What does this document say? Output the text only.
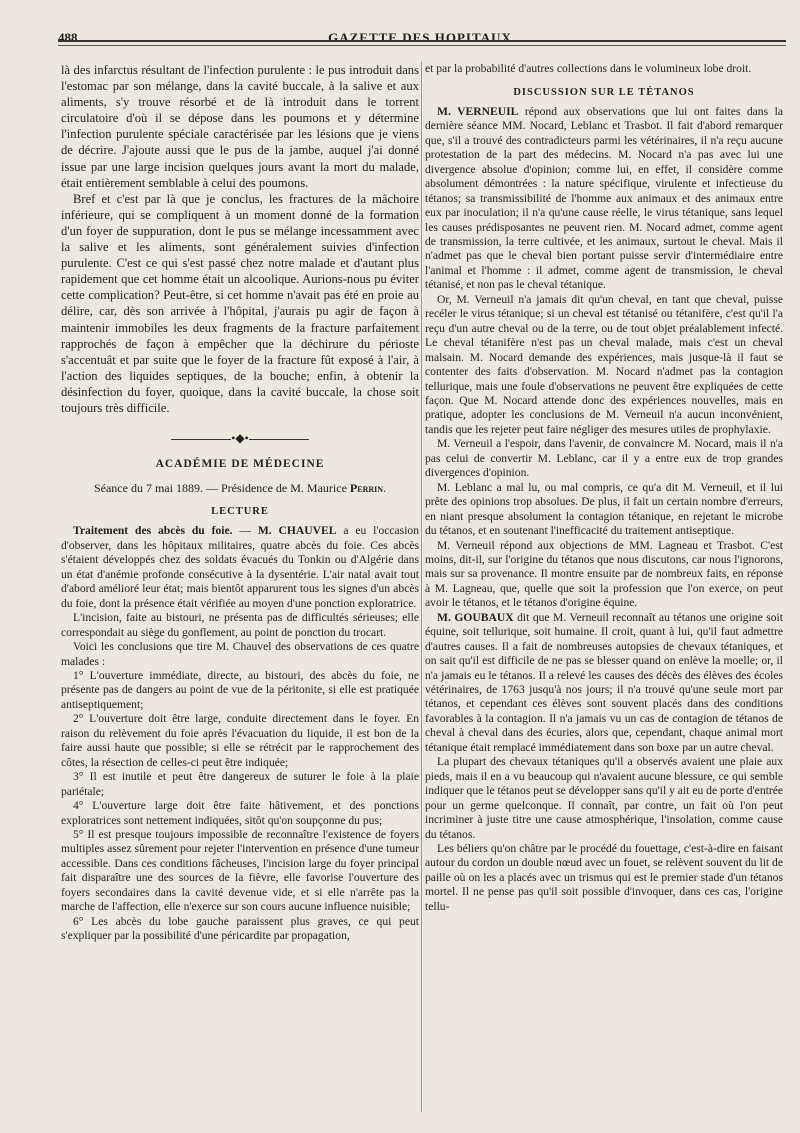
488	GAZETTE DES HOPITAUX

là des infarctus résultant de l'infection purulente : le pus introduit dans l'estomac par son mélange, dans la cavité buccale, à la salive et aux aliments, s'y trouve résorbé et de là introduit dans le torrent circulatoire d'où il se dépose dans les poumons et y détermine l'infection purulente spéciale caractérisée par les lésions que je viens de décrire. J'ajoute aussi que le pus de la jambe, auquel j'ai donné issue par une large incision quelques jours avant la mort du malade, était entièrement semblable à celui des poumons.

Bref et c'est par là que je conclus, les fractures de la mâchoire inférieure, qui se compliquent à un moment donné de la formation d'un foyer de suppuration, dont le pus se mélange incessamment avec la salive et les aliments, sont généralement suivies d'infection purulente. C'est ce qui s'est passé chez notre malade et d'autant plus rapidement que cet homme était un alcoolique. Aurions-nous pu éviter cette complication? Peut-être, si cet homme n'avait pas été en proie au délire, car, dès son arrivée à l'hôpital, j'aurais pu agir de façon à maintenir immobiles les deux fragments de la fracture parfaitement rapprochés de façon à empêcher que la déchirure du périoste s'accentuât et par suite que le foyer de la fracture fût exposé à l'air, à l'action des liquides septiques, de la bouche; enfin, à obtenir la désinfection du foyer, quoique, dans la cavité buccale, la chose soit toujours très difficile.

•◆•
ACADÉMIE DE MÉDECINE
Séance du 7 mai 1889. — Présidence de M. Maurice Perrin.
LECTURE

Traitement des abcès du foie. — M. CHAUVEL a eu l'occasion d'observer, dans les hôpitaux militaires, quatre abcès du foie. Ces abcès s'étaient développés chez des soldats évacués du Tonkin ou d'Algérie dans un état d'anémie profonde consécutive à la dysentérie. L'air natal avait tout d'abord amélioré leur état; mais bientôt apparurent tous les signes d'un abcès du foie, dont la présence était vérifiée au moyen d'une ponction exploratrice.

L'incision, faite au bistouri, ne présenta pas de difficultés sérieuses; elle correspondait au siège du gonflement, au point de ponction du trocart.

Voici les conclusions que tire M. Chauvel des observations de ces quatre malades :

1° L'ouverture immédiate, directe, au bistouri, des abcès du foie, ne présente pas de dangers au point de vue de la péritonite, si elle est pratiquée antiseptiquement;

2° L'ouverture doit être large, conduite directement dans le foyer. En raison du relèvement du foie après l'évacuation du liquide, il est bon de la faire aussi haute que possible; si elle se rétrécit par le rapprochement des côtes, la résection de celles-ci peut être indiquée;

3° Il est inutile et peut être dangereux de suturer le foie à la plaie pariétale;

4° L'ouverture large doit être faite hâtivement, et des ponctions exploratrices sont nettement indiquées, sitôt qu'on soupçonne du pus;

5° Il est presque toujours impossible de reconnaître l'existence de foyers multiples assez sûrement pour rejeter l'intervention en présence d'une tumeur accessible. Dans ces conditions fâcheuses, l'incision large du foyer principal fait disparaître une des sources de la fièvre, elle favorise l'ouverture des foyers secondaires dans la cavité devenue vide, et si elle n'arrête pas la marche de l'affection, elle n'exerce sur son cours aucune influence nuisible;

6° Les abcès du lobe gauche paraissent plus graves, ce qui peut s'expliquer par la possibilité d'une péricardite par propagation,

et par la probabilité d'autres collections dans le volumineux lobe droit.

DISCUSSION SUR LE TÉTANOS

M. VERNEUIL répond aux observations que lui ont faites dans la dernière séance MM. Nocard, Leblanc et Trasbot. Il fait d'abord remarquer que, s'il a trouvé des contradicteurs parmi les vétérinaires, il n'a reçu aucune protestation de la part des médecins. M. Nocard n'a pas avec lui une divergence absolue d'opinion; comme lui, en effet, il considère comme absolument démontrées : la nature spécifique, virulente et infectieuse du tétanos; sa transmissibilité de l'homme aux animaux et des animaux entre eux par inoculation; il n'a qu'une cause réelle, le virus tétanique, sans lequel les causes prédisposantes ne peuvent rien. M. Nocard admet, comme agent de transmission, la terre cultivée, et les animaux, surtout le cheval. Mais il n'admet pas que le cheval bien portant puisse servir d'intermédiaire entre l'animal et l'homme : il admet, comme agent de transmission, le cheval tétanisé, et non pas le cheval tétanique.

Or, M. Verneuil n'a jamais dit qu'un cheval, en tant que cheval, puisse recéler le virus tétanique; si un cheval est tétanisé ou tétanifère, c'est qu'il l'a reçu d'un autre cheval ou de la terre, ou de tout objet préalablement infecté. Le cheval tétanifère n'est pas un cheval malade, mais c'est un cheval malsain. M. Nocard demande des expériences, mais jusque-là il faut se contenter des faits d'observation. M. Nocard n'admet pas la contagion tellurique, mais une foule d'observations ne peuvent être expliquées de cette façon. Que M. Nocard attende donc des expériences nouvelles, mais en pratique, adopter les conclusions de M. Verneuil n'a aucun inconvénient, tandis que les rejeter peut faire négliger des mesures utiles de prophylaxie.

M. Verneuil a l'espoir, dans l'avenir, de convaincre M. Nocard, mais il n'a pas celui de convertir M. Leblanc, car il y a entre eux de trop grandes divergences d'opinion.

M. Leblanc a mal lu, ou mal compris, ce qu'a dit M. Verneuil, et il lui prête des opinions trop absolues. De plus, il fait un certain nombre d'erreurs, en niant presque absolument la contagion tétanique, en rejetant le microbe du tétanos, et en soutenant l'inefficacité du traitement antiseptique.

M. Verneuil répond aux objections de MM. Lagneau et Trasbot. C'est moins, dit-il, sur l'origine du tétanos que nous discutons, car nous l'ignorons, mais sur sa provenance. Il montre ensuite par de nombreux faits, en réponse à M. Lagneau, que, quelle que soit la profession que l'on exerce, on peut avoir le tétanos, et le tétanos d'origine équine.

M. GOUBAUX dit que M. Verneuil reconnaît au tétanos une origine soit équine, soit tellurique, soit humaine. Il croit, quant à lui, qu'il faut admettre d'autres causes. Il a fait de nombreuses autopsies de chevaux tétaniques, et on sait qu'il est difficile de ne pas se blesser quand on enlève la moelle; or, il n'a jamais eu le tétanos. Il a relevé les causes des décès des élèves des écoles vétérinaires, de 1763 jusqu'à nos jours; il n'a trouvé qu'une seule mort par tétanos, et cependant ces élèves sont souvent placés dans des conditions favorables à la contagion. Il n'a jamais vu un cas de contagion de tétanos de cheval à cheval dans des écuries, alors que, cependant, chaque animal mort tétanique était remplacé immédiatement dans son boxe par un autre cheval.

La plupart des chevaux tétaniques qu'il a observés avaient une plaie aux pieds, mais il en a vu beaucoup qui n'avaient aucune blessure, ce qui semble indiquer que le tétanos peut se développer sans qu'il y ait eu de porte d'entrée pour un germe quelconque. Il connaît, par contre, un fait où l'on peut incriminer à juste titre une cause atmosphérique, l'insolation, comme cause du tétanos.

Les béliers qu'on châtre par le procédé du fouettage, c'est-à-dire en faisant autour du cordon un double nœud avec un fouet, se relèvent souvent du lit de paille où on les a placés avec un trismus qui est le premier stade d'un tétanos mortel. Il ne pense pas qu'il soit possible d'invoquer, dans ces cas, l'origine tellu-
